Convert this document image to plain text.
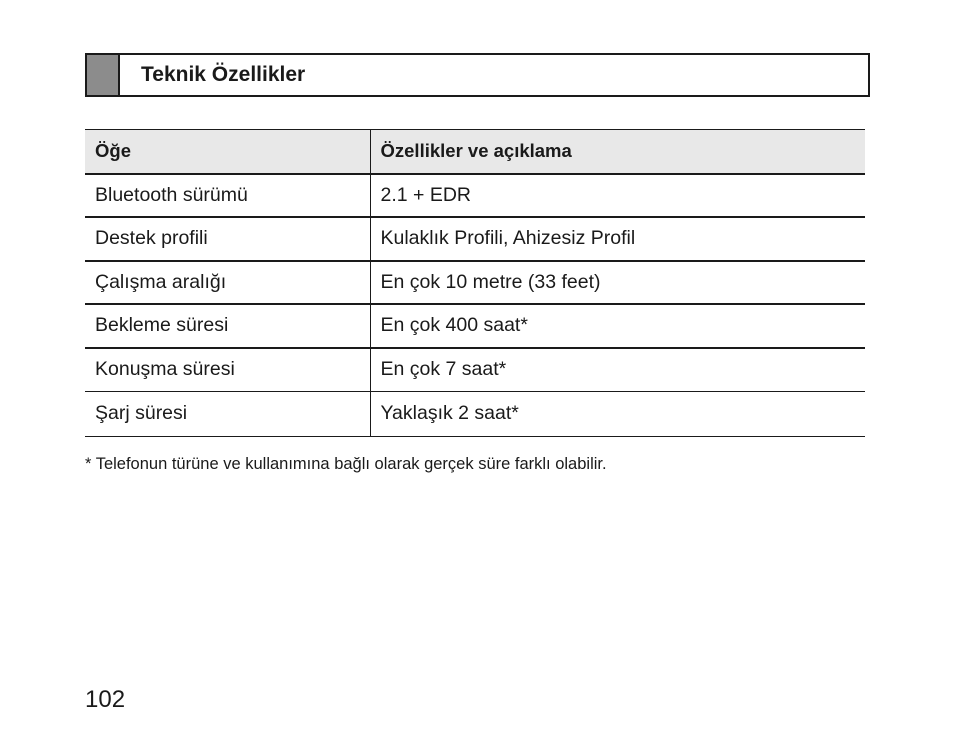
Teknik Özellikler
Öğe	Özellikler ve açıklama
Bluetooth sürümü	2.1 + EDR
Destek profili	Kulaklık Profili, Ahizesiz Profil
Çalışma aralığı	En çok 10 metre (33 feet)
Bekleme süresi	En çok 400 saat*
Konuşma süresi	En çok 7 saat*
Şarj süresi	Yaklaşık 2 saat*
* Telefonun türüne ve kullanımına bağlı olarak gerçek süre farklı olabilir.
102
